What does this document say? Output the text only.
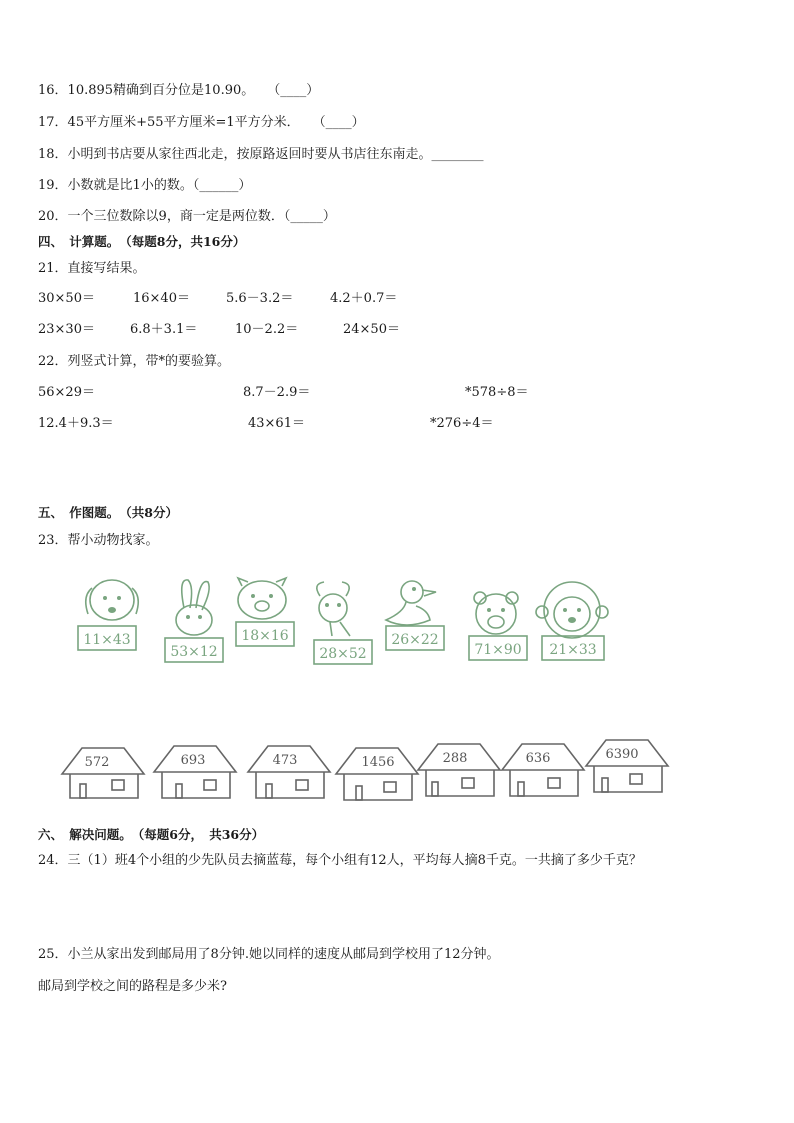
16．10.895精确到百分位是10.90。　　（____）
17．45平方厘米+55平方厘米=1平方分米．　　（____）
18．小明到书店要从家往西北走，按原路返回时要从书店往东南走。________
19．小数就是比1小的数。（______）
20．一个三位数除以9，商一定是两位数．（_____）
四、　计算题。　（每题8分，共16分）
21．直接写结果。
30×50＝	16×40＝	5.6－3.2＝	4.2＋0.7＝
23×30＝	6.8＋3.1＝	10－2.2＝	24×50＝
22．列竖式计算，带*的要验算。
56×29＝	8.7－2.9＝	*578÷8＝
12.4＋9.3＝	43×61＝	*276÷4＝
五、　作图题。　（共8分）
23．帮小动物找家。
11×43
53×12
18×16
28×52
26×22
71×90 21×33
572	693	473	1456	288	636	6390
六、　解决问题。　（每题6分，　共36分）
24．三（1）班4个小组的少先队员去摘蓝莓，每个小组有12人，平均每人摘8千克。一共摘了多少千克？
25．小兰从家出发到邮局用了8分钟.她以同样的速度从邮局到学校用了12分钟。
邮局到学校之间的路程是多少米?
